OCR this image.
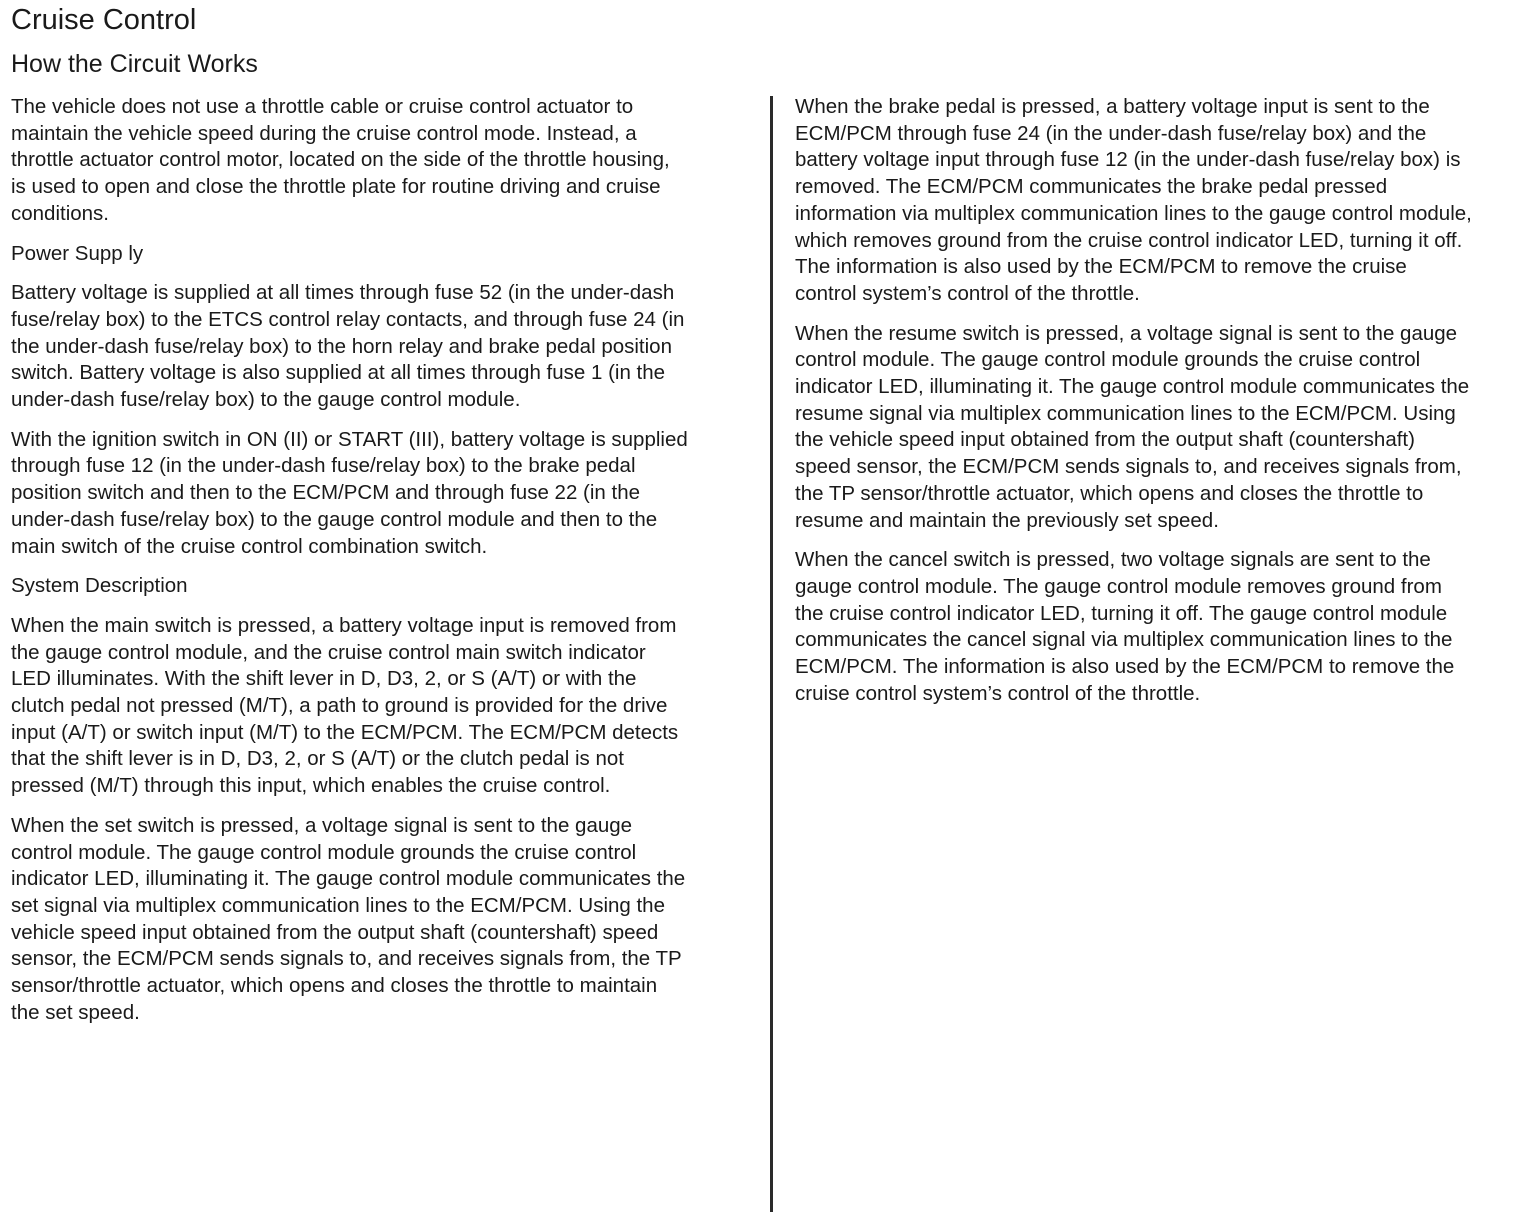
Cruise Control
How the Circuit Works

The vehicle does not use a throttle cable or cruise control actuator to
maintain the vehicle speed during the cruise control mode. Instead, a
throttle actuator control motor, located on the side of the throttle housing,
is used to open and close the throttle plate for routine driving and cruise
conditions.

Power Supp ly

Battery voltage is supplied at all times through fuse 52 (in the under-dash
fuse/relay box) to the ETCS control relay contacts, and through fuse 24 (in
the under-dash fuse/relay box) to the horn relay and brake pedal position
switch. Battery voltage is also supplied at all times through fuse 1 (in the
under-dash fuse/relay box) to the gauge control module.

With the ignition switch in ON (II) or START (III), battery voltage is supplied
through fuse 12 (in the under-dash fuse/relay box) to the brake pedal
position switch and then to the ECM/PCM and through fuse 22 (in the
under-dash fuse/relay box) to the gauge control module and then to the
main switch of the cruise control combination switch.

System Description

When the main switch is pressed, a battery voltage input is removed from
the gauge control module, and the cruise control main switch indicator
LED illuminates. With the shift lever in D, D3, 2, or S (A/T) or with the
clutch pedal not pressed (M/T), a path to ground is provided for the drive
input (A/T) or switch input (M/T) to the ECM/PCM. The ECM/PCM detects
that the shift lever is in D, D3, 2, or S (A/T) or the clutch pedal is not
pressed (M/T) through this input, which enables the cruise control.

When the set switch is pressed, a voltage signal is sent to the gauge
control module. The gauge control module grounds the cruise control
indicator LED, illuminating it. The gauge control module communicates the
set signal via multiplex communication lines to the ECM/PCM. Using the
vehicle speed input obtained from the output shaft (countershaft) speed
sensor, the ECM/PCM sends signals to, and receives signals from, the TP
sensor/throttle actuator, which opens and closes the throttle to maintain
the set speed.

When the brake pedal is pressed, a battery voltage input is sent to the
ECM/PCM through fuse 24 (in the under-dash fuse/relay box) and the
battery voltage input through fuse 12 (in the under-dash fuse/relay box) is
removed. The ECM/PCM communicates the brake pedal pressed
information via multiplex communication lines to the gauge control module,
which removes ground from the cruise control indicator LED, turning it off.
The information is also used by the ECM/PCM to remove the cruise
control system’s control of the throttle.

When the resume switch is pressed, a voltage signal is sent to the gauge
control module. The gauge control module grounds the cruise control
indicator LED, illuminating it. The gauge control module communicates the
resume signal via multiplex communication lines to the ECM/PCM. Using
the vehicle speed input obtained from the output shaft (countershaft)
speed sensor, the ECM/PCM sends signals to, and receives signals from,
the TP sensor/throttle actuator, which opens and closes the throttle to
resume and maintain the previously set speed.

When the cancel switch is pressed, two voltage signals are sent to the
gauge control module. The gauge control module removes ground from
the cruise control indicator LED, turning it off. The gauge control module
communicates the cancel signal via multiplex communication lines to the
ECM/PCM. The information is also used by the ECM/PCM to remove the
cruise control system’s control of the throttle.
